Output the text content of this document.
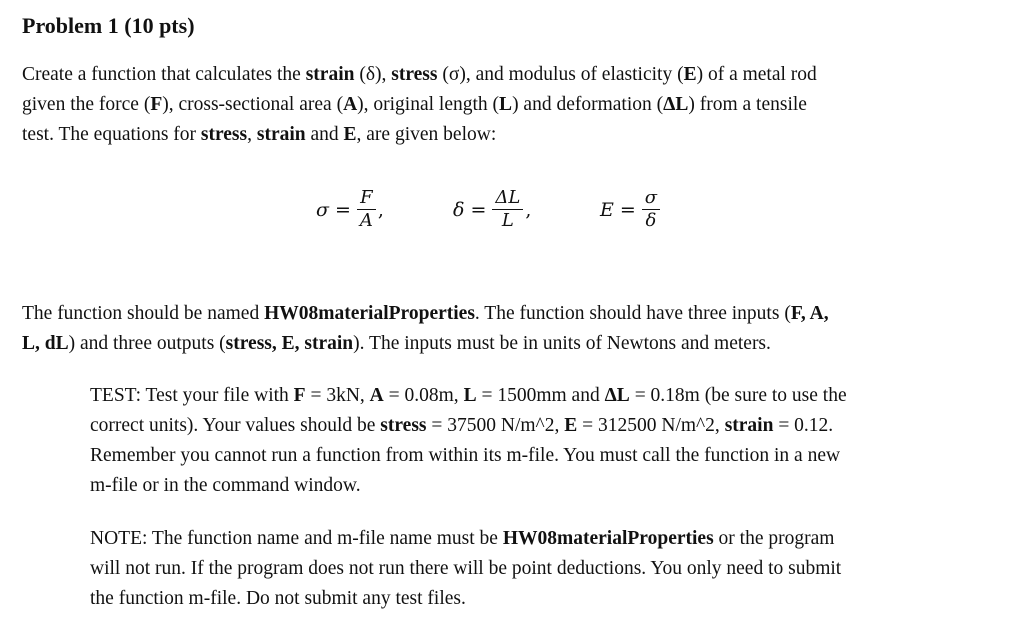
Problem 1 (10 pts)

Create a function that calculates the strain (δ), stress (σ), and modulus of elasticity (E) of a metal rod
given the force (F), cross-sectional area (A), original length (L) and deformation (ΔL) from a tensile
test. The equations for stress, strain and E, are given below:

$\sigma = \frac{F}{A}$ ,	$\delta = \frac{\Delta L}{L}$ ,	$E = \frac{\sigma}{\delta}$

The function should be named HW08materialProperties. The function should have three inputs (F, A,
L, dL) and three outputs (stress, E, strain). The inputs must be in units of Newtons and meters.

TEST: Test your file with F = 3kN, A = 0.08m, L = 1500mm and ΔL = 0.18m (be sure to use the
correct units). Your values should be stress = 37500 N/m^2, E = 312500 N/m^2, strain = 0.12.
Remember you cannot run a function from within its m-file. You must call the function in a new
m-file or in the command window.

NOTE: The function name and m-file name must be HW08materialProperties or the program
will not run. If the program does not run there will be point deductions. You only need to submit
the function m-file. Do not submit any test files.
